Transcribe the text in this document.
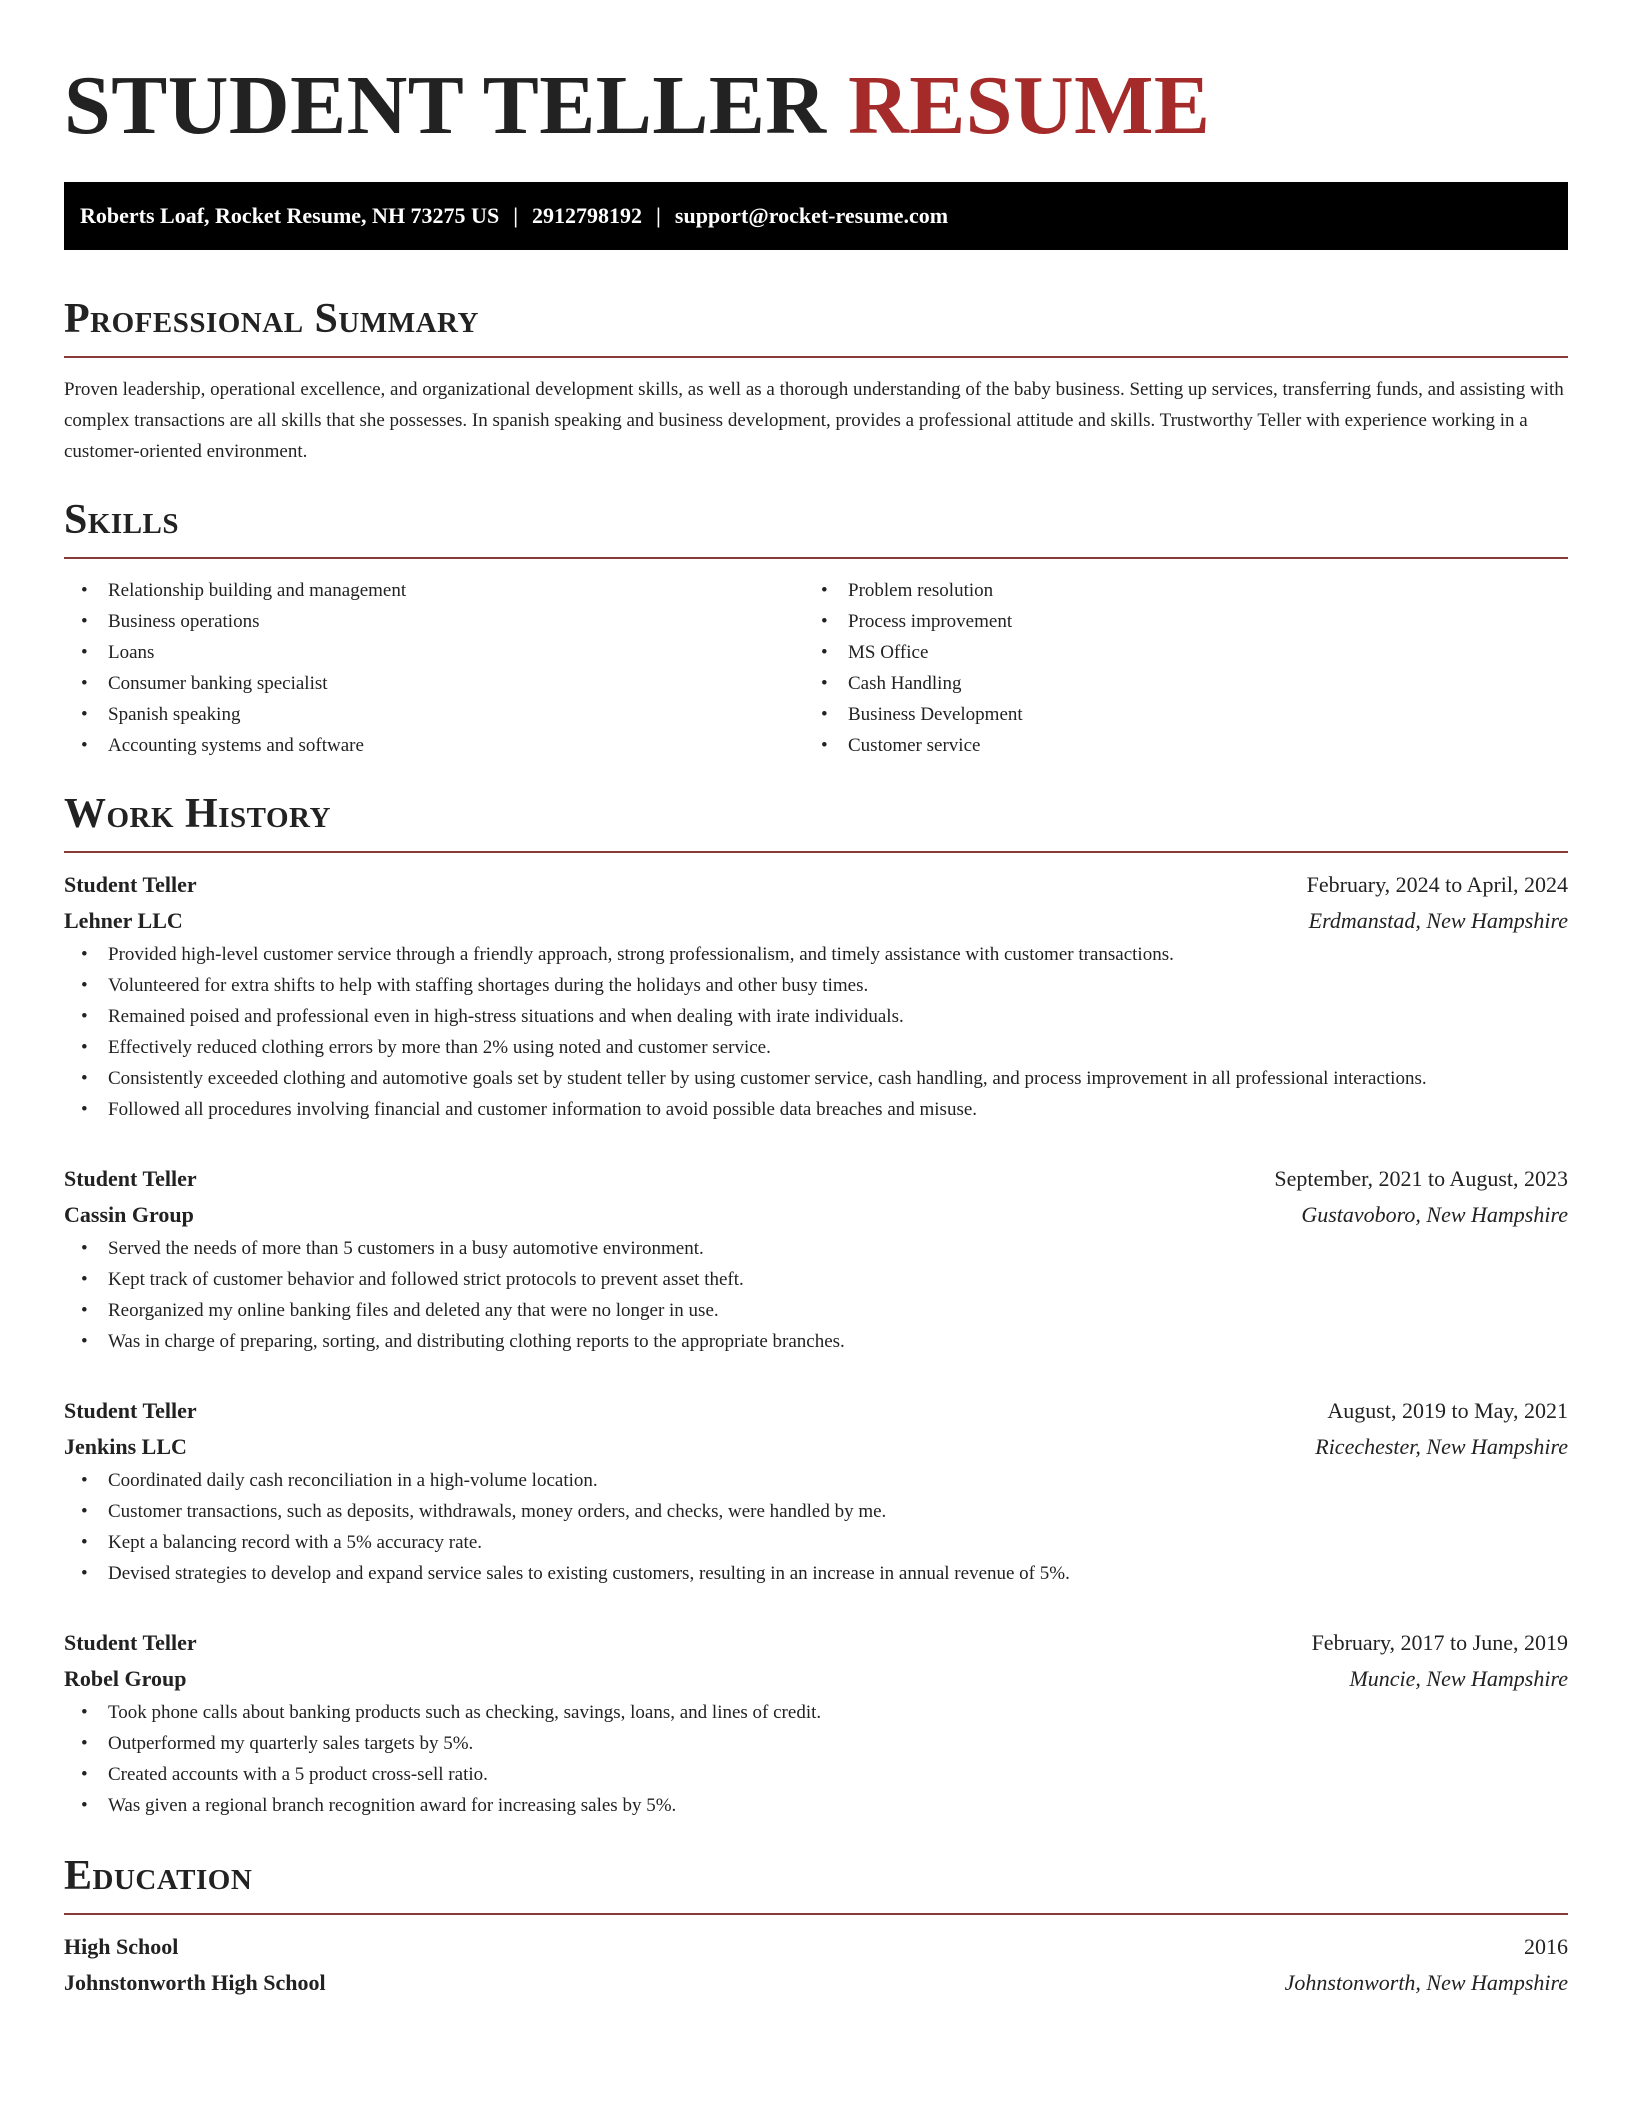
STUDENT TELLER RESUME
Roberts Loaf, Rocket Resume, NH 73275 US | 2912798192 | support@rocket-resume.com
Professional Summary

Proven leadership, operational excellence, and organizational development skills, as well as a thorough understanding of the baby business. Setting up services, transferring funds, and assisting with complex transactions are all skills that she possesses. In spanish speaking and business development, provides a professional attitude and skills. Trustworthy Teller with experience working in a customer-oriented environment.

Skills
• Relationship building and management
• Business operations
• Loans
• Consumer banking specialist
• Spanish speaking
• Accounting systems and software
• Problem resolution
• Process improvement
• MS Office
• Cash Handling
• Business Development
• Customer service
Work History
Student Teller	February, 2024 to April, 2024
Lehner LLC	Erdmanstad, New Hampshire
• Provided high-level customer service through a friendly approach, strong professionalism, and timely assistance with customer transactions.
• Volunteered for extra shifts to help with staffing shortages during the holidays and other busy times.
• Remained poised and professional even in high-stress situations and when dealing with irate individuals.
• Effectively reduced clothing errors by more than 2% using noted and customer service.
• Consistently exceeded clothing and automotive goals set by student teller by using customer service, cash handling, and process improvement in all professional interactions.
• Followed all procedures involving financial and customer information to avoid possible data breaches and misuse.
Student Teller	September, 2021 to August, 2023
Cassin Group	Gustavoboro, New Hampshire
• Served the needs of more than 5 customers in a busy automotive environment.
• Kept track of customer behavior and followed strict protocols to prevent asset theft.
• Reorganized my online banking files and deleted any that were no longer in use.
• Was in charge of preparing, sorting, and distributing clothing reports to the appropriate branches.
Student Teller	August, 2019 to May, 2021
Jenkins LLC	Ricechester, New Hampshire
• Coordinated daily cash reconciliation in a high-volume location.
• Customer transactions, such as deposits, withdrawals, money orders, and checks, were handled by me.
• Kept a balancing record with a 5% accuracy rate.
• Devised strategies to develop and expand service sales to existing customers, resulting in an increase in annual revenue of 5%.
Student Teller	February, 2017 to June, 2019
Robel Group	Muncie, New Hampshire
• Took phone calls about banking products such as checking, savings, loans, and lines of credit.
• Outperformed my quarterly sales targets by 5%.
• Created accounts with a 5 product cross-sell ratio.
• Was given a regional branch recognition award for increasing sales by 5%.
Education
High School	2016
Johnstonworth High School	Johnstonworth, New Hampshire
